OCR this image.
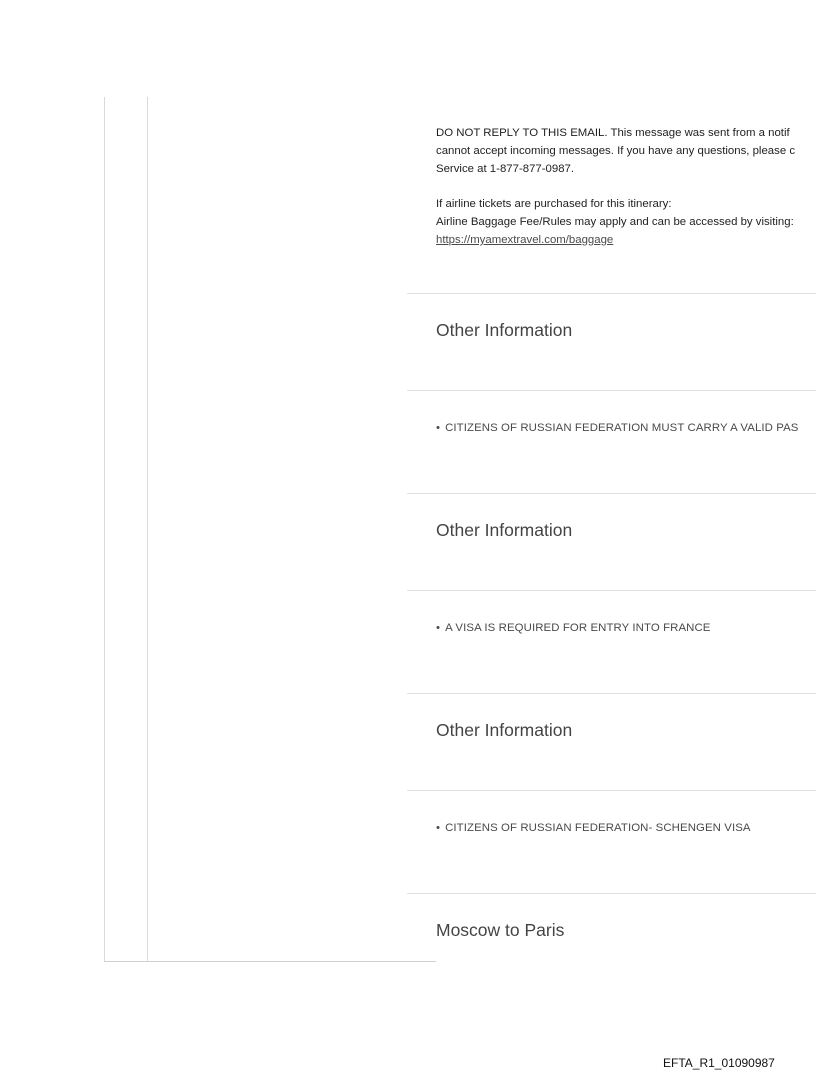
DO NOT REPLY TO THIS EMAIL. This message was sent from a notif

cannot accept incoming messages. If you have any questions, please c

Service at 1-877-877-0987.

If airline tickets are purchased for this itinerary:

Airline Baggage Fee/Rules may apply and can be accessed by visiting:

https://myamextravel.com/baggage

Other Information
• CITIZENS OF RUSSIAN FEDERATION MUST CARRY A VALID PAS
Other Information
• A VISA IS REQUIRED FOR ENTRY INTO FRANCE
Other Information
• CITIZENS OF RUSSIAN FEDERATION- SCHENGEN VISA
Moscow to Paris
EFTA_R1_01090987
